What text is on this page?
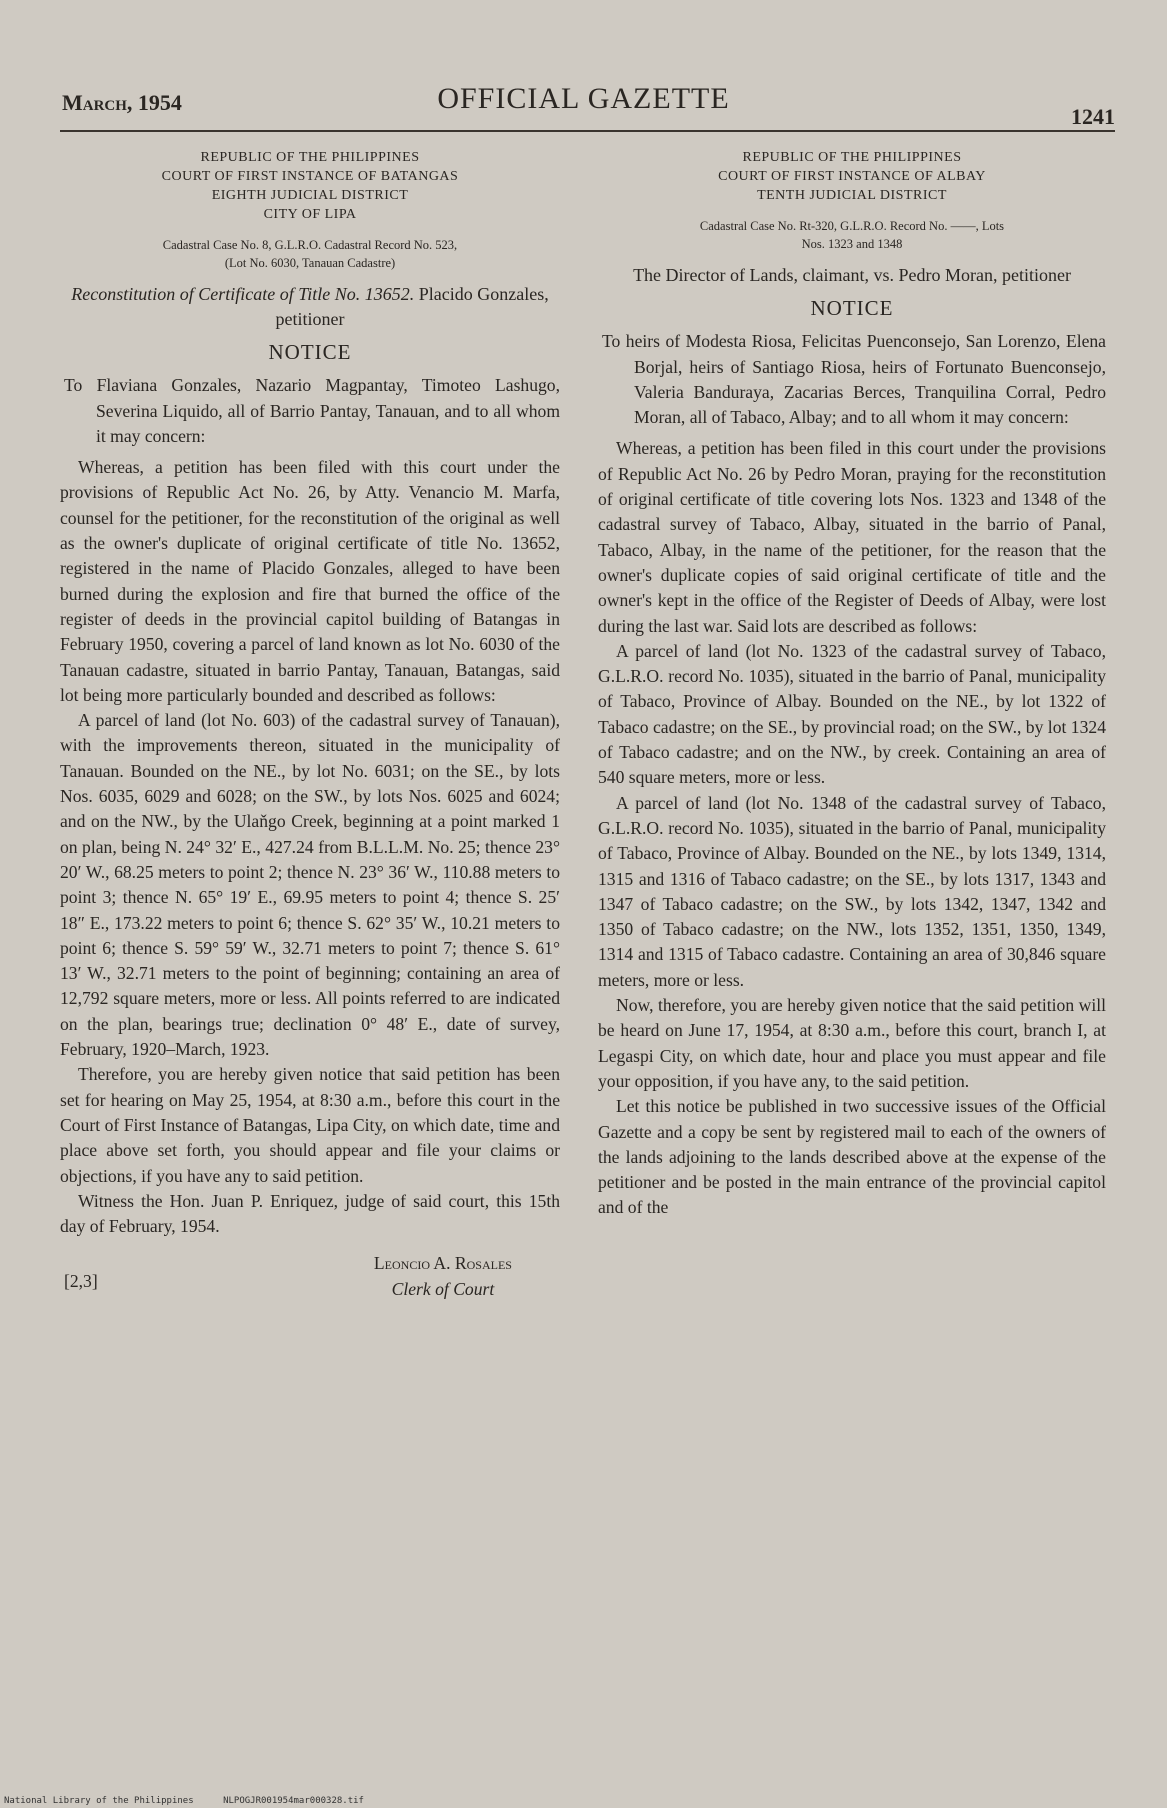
March, 1954	OFFICIAL GAZETTE
1241
REPUBLIC OF THE PHILIPPINES
COURT OF FIRST INSTANCE OF BATANGAS
EIGHTH JUDICIAL DISTRICT
CITY OF LIPA
Cadastral Case No. 8, G.L.R.O. Cadastral Record No. 523,
(Lot No. 6030, Tanauan Cadastre)
Reconstitution of Certificate of Title No. 13652. Placido Gonzales, petitioner
NOTICE
To Flaviana Gonzales, Nazario Magpantay, Timoteo Lashugo, Severina Liquido, all of Barrio Pantay, Tanauan, and to all whom it may concern:

Whereas, a petition has been filed with this court under the provisions of Republic Act No. 26, by Atty. Venancio M. Marfa, counsel for the petitioner, for the reconstitution of the original as well as the owner's duplicate of original certificate of title No. 13652, registered in the name of Placido Gonzales, alleged to have been burned during the explosion and fire that burned the office of the register of deeds in the provincial capitol building of Batangas in February 1950, covering a parcel of land known as lot No. 6030 of the Tanauan cadastre, situated in barrio Pantay, Tanauan, Batangas, said lot being more particularly bounded and described as follows:

A parcel of land (lot No. 603) of the cadastral survey of Tanauan), with the improvements thereon, situated in the municipality of Tanauan. Bounded on the NE., by lot No. 6031; on the SE., by lots Nos. 6035, 6029 and 6028; on the SW., by lots Nos. 6025 and 6024; and on the NW., by the Ulaňgo Creek, beginning at a point marked 1 on plan, being N. 24° 32′ E., 427.24 from B.L.L.M. No. 25; thence 23° 20′ W., 68.25 meters to point 2; thence N. 23° 36′ W., 110.88 meters to point 3; thence N. 65° 19′ E., 69.95 meters to point 4; thence S. 25′ 18″ E., 173.22 meters to point 6; thence S. 62° 35′ W., 10.21 meters to point 6; thence S. 59° 59′ W., 32.71 meters to point 7; thence S. 61° 13′ W., 32.71 meters to the point of beginning; containing an area of 12,792 square meters, more or less. All points referred to are indicated on the plan, bearings true; declination 0° 48′ E., date of survey, February, 1920–March, 1923.

Therefore, you are hereby given notice that said petition has been set for hearing on May 25, 1954, at 8:30 a.m., before this court in the Court of First Instance of Batangas, Lipa City, on which date, time and place above set forth, you should appear and file your claims or objections, if you have any to said petition.

Witness the Hon. Juan P. Enriquez, judge of said court, this 15th day of February, 1954.

[2,3]
Leoncio A. Rosales
Clerk of Court
REPUBLIC OF THE PHILIPPINES
COURT OF FIRST INSTANCE OF ALBAY
TENTH JUDICIAL DISTRICT
Cadastral Case No. Rt-320, G.L.R.O. Record No. ——, Lots
Nos. 1323 and 1348
The Director of Lands, claimant, vs. Pedro Moran, petitioner
NOTICE
To heirs of Modesta Riosa, Felicitas Puenconsejo, San Lorenzo, Elena Borjal, heirs of Santiago Riosa, heirs of Fortunato Buenconsejo, Valeria Banduraya, Zacarias Berces, Tranquilina Corral, Pedro Moran, all of Tabaco, Albay; and to all whom it may concern:

Whereas, a petition has been filed in this court under the provisions of Republic Act No. 26 by Pedro Moran, praying for the reconstitution of original certificate of title covering lots Nos. 1323 and 1348 of the cadastral survey of Tabaco, Albay, situated in the barrio of Panal, Tabaco, Albay, in the name of the petitioner, for the reason that the owner's duplicate copies of said original certificate of title and the owner's kept in the office of the Register of Deeds of Albay, were lost during the last war. Said lots are described as follows:

A parcel of land (lot No. 1323 of the cadastral survey of Tabaco, G.L.R.O. record No. 1035), situated in the barrio of Panal, municipality of Tabaco, Province of Albay. Bounded on the NE., by lot 1322 of Tabaco cadastre; on the SE., by provincial road; on the SW., by lot 1324 of Tabaco cadastre; and on the NW., by creek. Containing an area of 540 square meters, more or less.

A parcel of land (lot No. 1348 of the cadastral survey of Tabaco, G.L.R.O. record No. 1035), situated in the barrio of Panal, municipality of Tabaco, Province of Albay. Bounded on the NE., by lots 1349, 1314, 1315 and 1316 of Tabaco cadastre; on the SE., by lots 1317, 1343 and 1347 of Tabaco cadastre; on the SW., by lots 1342, 1347, 1342 and 1350 of Tabaco cadastre; on the NW., lots 1352, 1351, 1350, 1349, 1314 and 1315 of Tabaco cadastre. Containing an area of 30,846 square meters, more or less.

Now, therefore, you are hereby given notice that the said petition will be heard on June 17, 1954, at 8:30 a.m., before this court, branch I, at Legaspi City, on which date, hour and place you must appear and file your opposition, if you have any, to the said petition.

Let this notice be published in two successive issues of the Official Gazette and a copy be sent by registered mail to each of the owners of the lands adjoining to the lands described above at the expense of the petitioner and be posted in the main entrance of the provincial capitol and of the

National Library of the Philippines	NLPOGJR001954mar000328.tif
